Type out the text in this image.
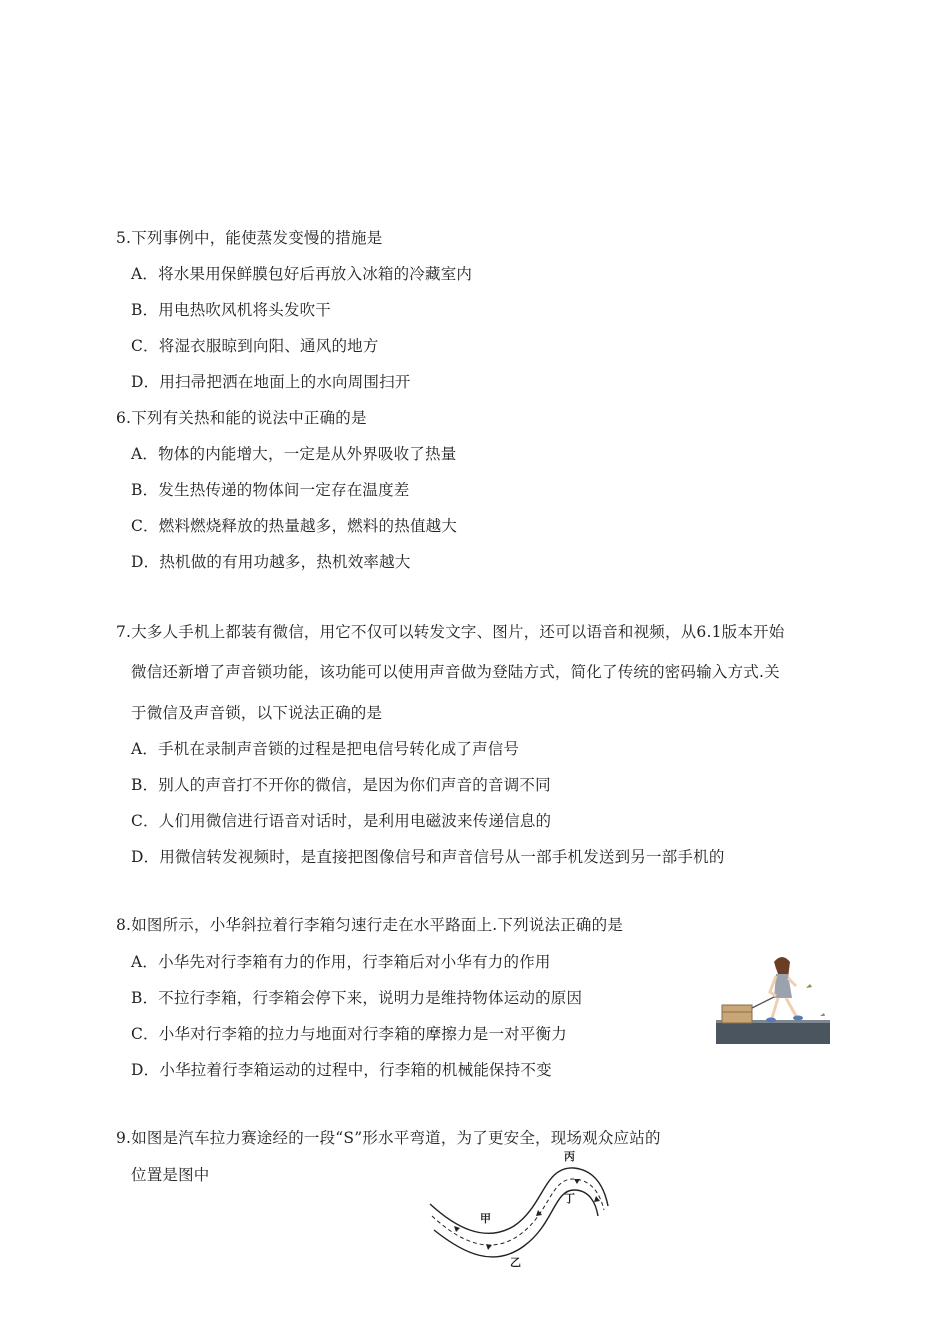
5.下列事例中，能使蒸发变慢的措施是
A．将水果用保鲜膜包好后再放入冰箱的冷藏室内
B．用电热吹风机将头发吹干
C．将湿衣服晾到向阳、通风的地方
D．用扫帚把洒在地面上的水向周围扫开
6.下列有关热和能的说法中正确的是
A．物体的内能增大，一定是从外界吸收了热量
B．发生热传递的物体间一定存在温度差
C．燃料燃烧释放的热量越多，燃料的热值越大
D．热机做的有用功越多，热机效率越大
7.大多人手机上都装有微信，用它不仅可以转发文字、图片，还可以语音和视频，从6.1版本开始
微信还新增了声音锁功能，该功能可以使用声音做为登陆方式，简化了传统的密码输入方式.关
于微信及声音锁，以下说法正确的是
A．手机在录制声音锁的过程是把电信号转化成了声信号
B．别人的声音打不开你的微信，是因为你们声音的音调不同
C．人们用微信进行语音对话时，是利用电磁波来传递信息的
D．用微信转发视频时，是直接把图像信号和声音信号从一部手机发送到另一部手机的
8.如图所示，小华斜拉着行李箱匀速行走在水平路面上.下列说法正确的是
A．小华先对行李箱有力的作用，行李箱后对小华有力的作用
B．不拉行李箱，行李箱会停下来，说明力是维持物体运动的原因
C．小华对行李箱的拉力与地面对行李箱的摩擦力是一对平衡力
D．小华拉着行李箱运动的过程中，行李箱的机械能保持不变
9.如图是汽车拉力赛途经的一段“S”形水平弯道，为了更安全，现场观众应站的
位置是图中
甲
乙
丙
丁
